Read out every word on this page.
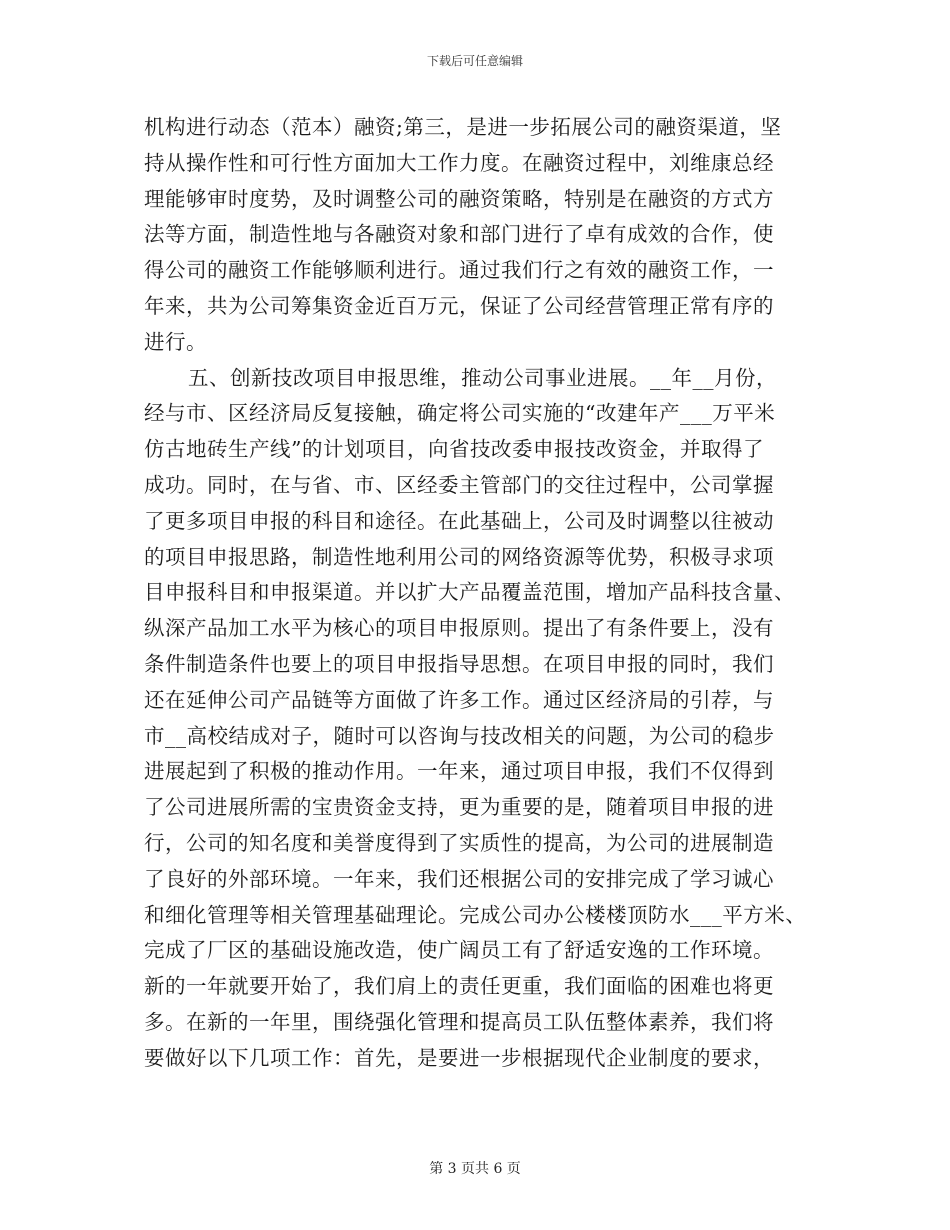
下载后可任意编辑
机构进行动态（范本）融资;第三，是进一步拓展公司的融资渠道，坚
持从操作性和可行性方面加大工作力度。在融资过程中，刘维康总经
理能够审时度势，及时调整公司的融资策略，特别是在融资的方式方
法等方面，制造性地与各融资对象和部门进行了卓有成效的合作，使
得公司的融资工作能够顺利进行。通过我们行之有效的融资工作，一
年来，共为公司筹集资金近百万元，保证了公司经营管理正常有序的
进行。
五、创新技改项目申报思维，推动公司事业进展。__年__月份，
经与市、区经济局反复接触，确定将公司实施的“改建年产___万平米
仿古地砖生产线”的计划项目，向省技改委申报技改资金，并取得了
成功。同时，在与省、市、区经委主管部门的交往过程中，公司掌握
了更多项目申报的科目和途径。在此基础上，公司及时调整以往被动
的项目申报思路，制造性地利用公司的网络资源等优势，积极寻求项
目申报科目和申报渠道。并以扩大产品覆盖范围，增加产品科技含量、
纵深产品加工水平为核心的项目申报原则。提出了有条件要上，没有
条件制造条件也要上的项目申报指导思想。在项目申报的同时，我们
还在延伸公司产品链等方面做了许多工作。通过区经济局的引荐，与
市__高校结成对子，随时可以咨询与技改相关的问题，为公司的稳步
进展起到了积极的推动作用。一年来，通过项目申报，我们不仅得到
了公司进展所需的宝贵资金支持，更为重要的是，随着项目申报的进
行，公司的知名度和美誉度得到了实质性的提高，为公司的进展制造
了良好的外部环境。一年来，我们还根据公司的安排完成了学习诚心
和细化管理等相关管理基础理论。完成公司办公楼楼顶防水___平方米、
完成了厂区的基础设施改造，使广阔员工有了舒适安逸的工作环境。
新的一年就要开始了，我们肩上的责任更重，我们面临的困难也将更
多。在新的一年里，围绕强化管理和提高员工队伍整体素养，我们将
要做好以下几项工作：首先，是要进一步根据现代企业制度的要求，
第 3 页共 6 页
